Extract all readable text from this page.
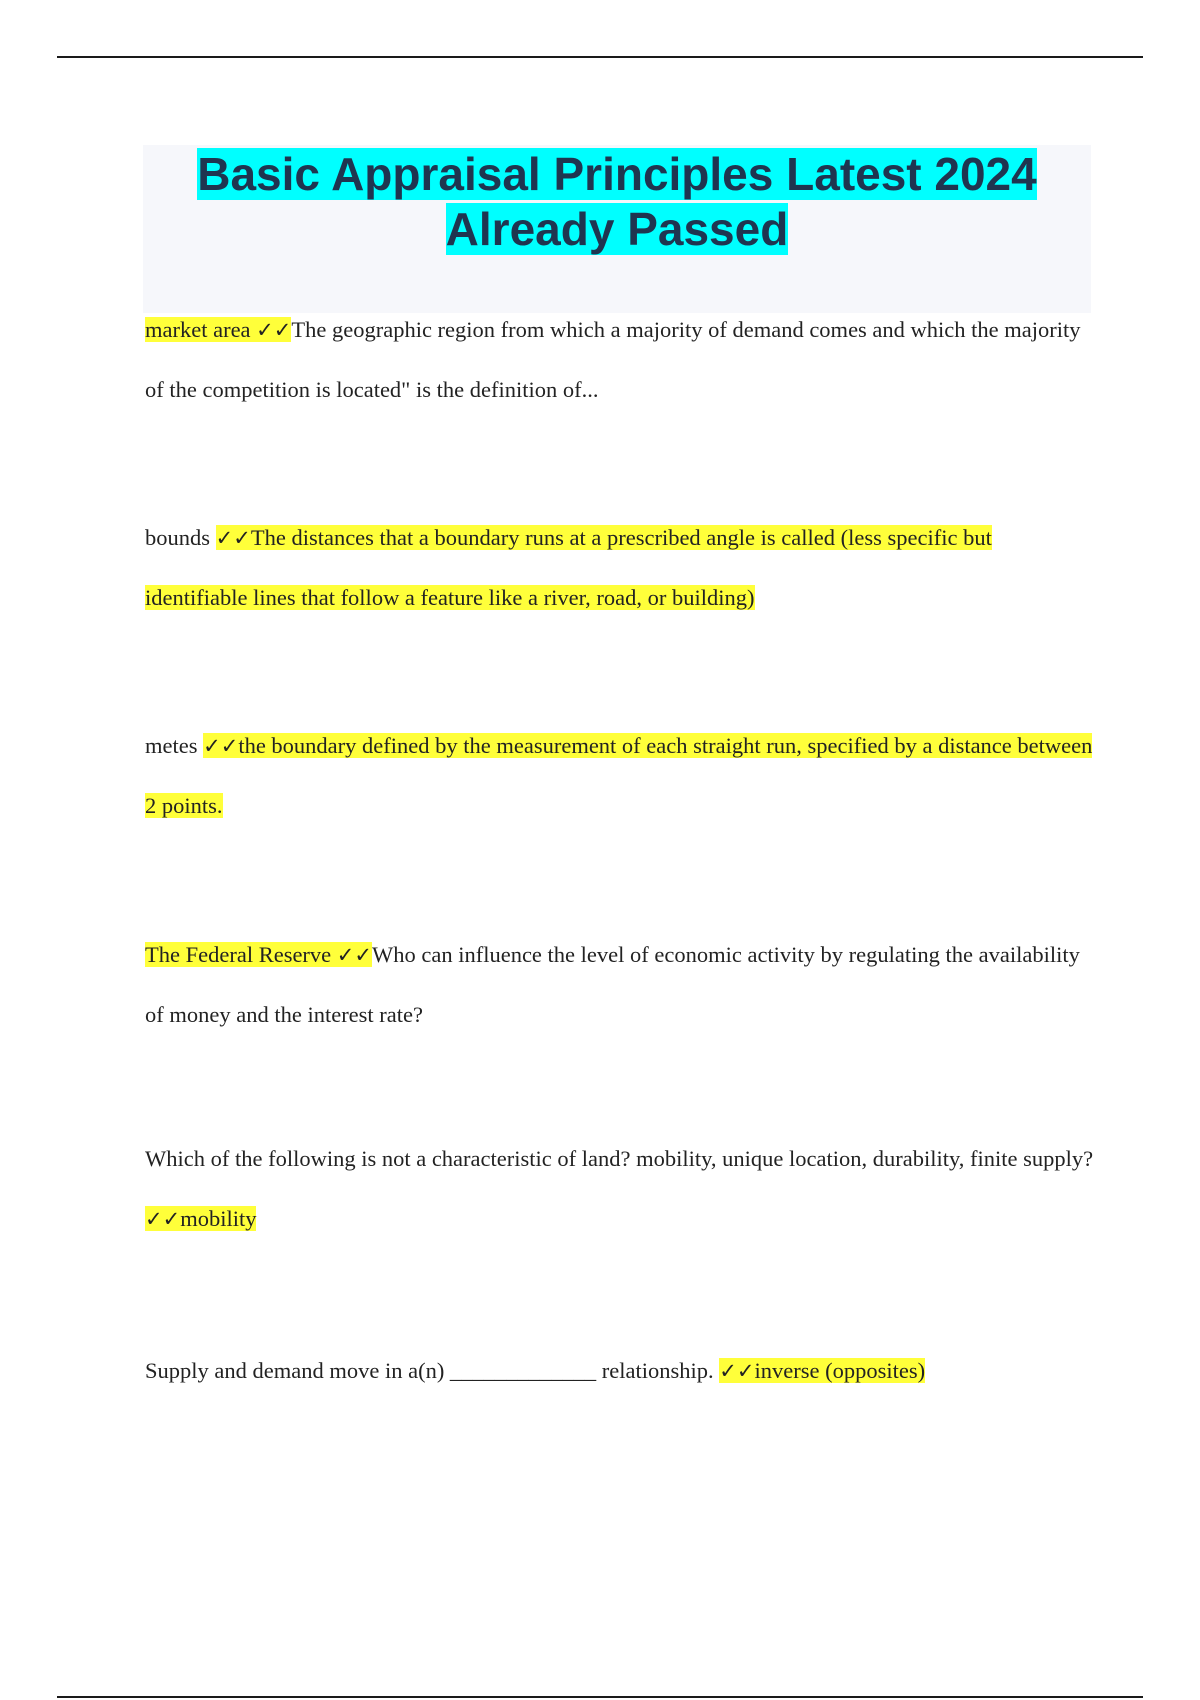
Basic Appraisal Principles Latest 2024 Already Passed

market area ✓✓The geographic region from which a majority of demand comes and which the majority of the competition is located" is the definition of...

bounds ✓✓The distances that a boundary runs at a prescribed angle is called (less specific but identifiable lines that follow a feature like a river, road, or building)

metes ✓✓the boundary defined by the measurement of each straight run, specified by a distance between 2 points.

The Federal Reserve ✓✓Who can influence the level of economic activity by regulating the availability of money and the interest rate?

Which of the following is not a characteristic of land? mobility, unique location, durability, finite supply? ✓✓mobility

Supply and demand move in a(n) _____________ relationship. ✓✓inverse (opposites)
